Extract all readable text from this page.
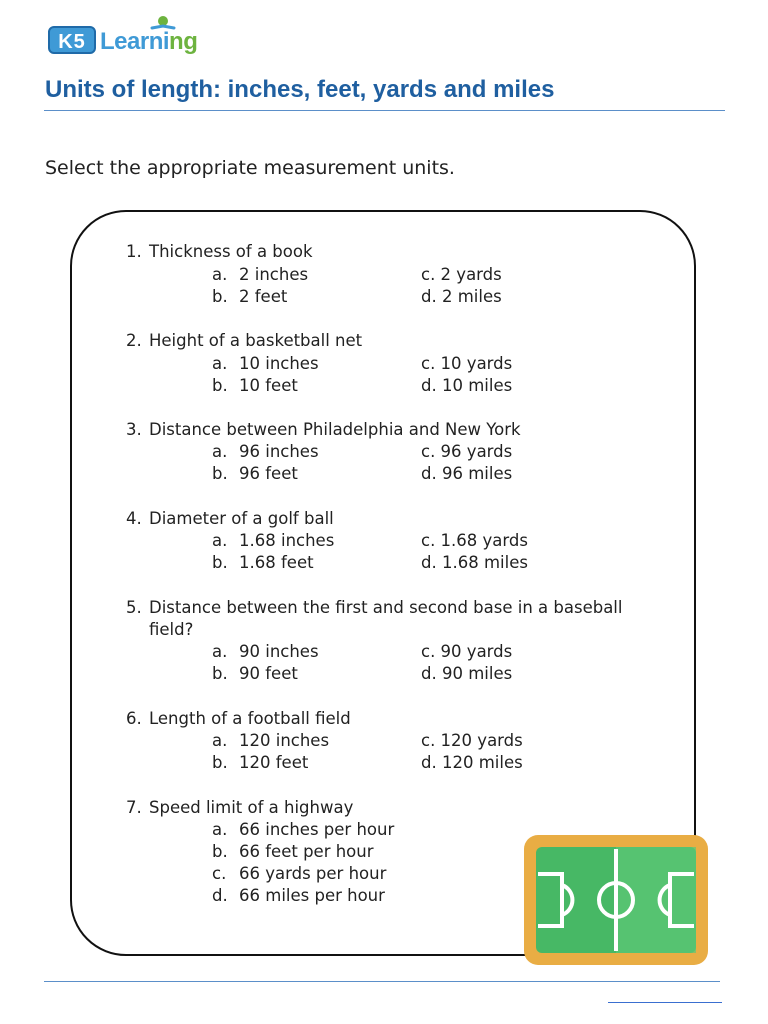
K5 Learning
Units of length: inches, feet, yards and miles
Select the appropriate measurement units.
1. Thickness of a book
a. 2 inches
b. 2 feet
c. 2 yards
d. 2 miles
2. Height of a basketball net
a. 10 inches
b. 10 feet
c. 10 yards
d. 10 miles
3. Distance between Philadelphia and New York
a. 96 inches
b. 96 feet
c. 96 yards
d. 96 miles
4. Diameter of a golf ball
a. 1.68 inches
b. 1.68 feet
c. 1.68 yards
d. 1.68 miles
5. Distance between the first and second base in a baseball field?
a. 90 inches
b. 90 feet
c. 90 yards
d. 90 miles
6. Length of a football field
a. 120 inches
b. 120 feet
c. 120 yards
d. 120 miles
7. Speed limit of a highway
a. 66 inches per hour
b. 66 feet per hour
c. 66 yards per hour
d. 66 miles per hour
